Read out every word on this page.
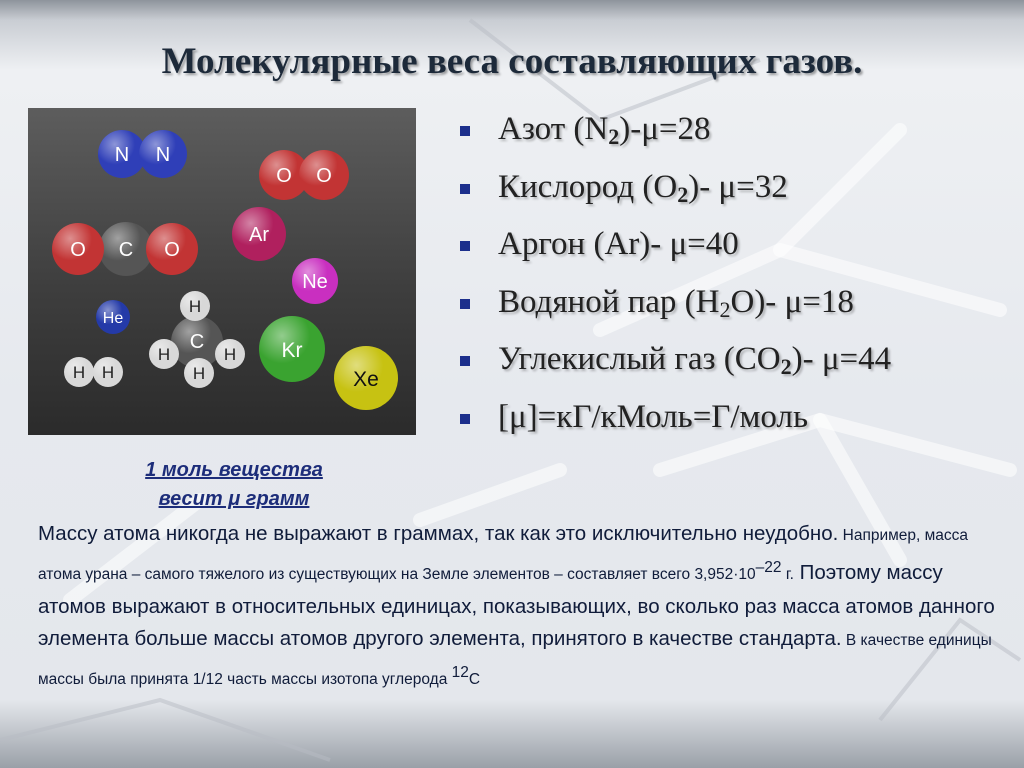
Молекулярные веса составляющих газов.
N N
O O
Ar
O C O
Ne
He
C
H
H	H
H
H H
Kr
Xe
Азот $(N_2)-\mu=28$
Кислород $(O_2)-$ μ=32
Аргон (Ar)- μ=40
Водяной пар $(H_2O)-$ μ=18
Углекислый газ $(CO_2)-$ μ=44
[μ]=кГ/кМоль=Г/моль
1 моль вещества
весит μ грамм
Массу атома никогда не выражают в граммах, так как это исключительно неудобно. Например, масса атома урана – самого тяжелого из существующих на Земле элементов – составляет всего $3,952\cdot 10^{-22}$ г. Поэтому массу атомов выражают в относительных единицах, показывающих, во сколько раз масса атомов данного элемента больше массы атомов другого элемента, принятого в качестве стандарта. В качестве единицы массы была принята 1/12 часть массы изотопа углерода $^{12}$C
